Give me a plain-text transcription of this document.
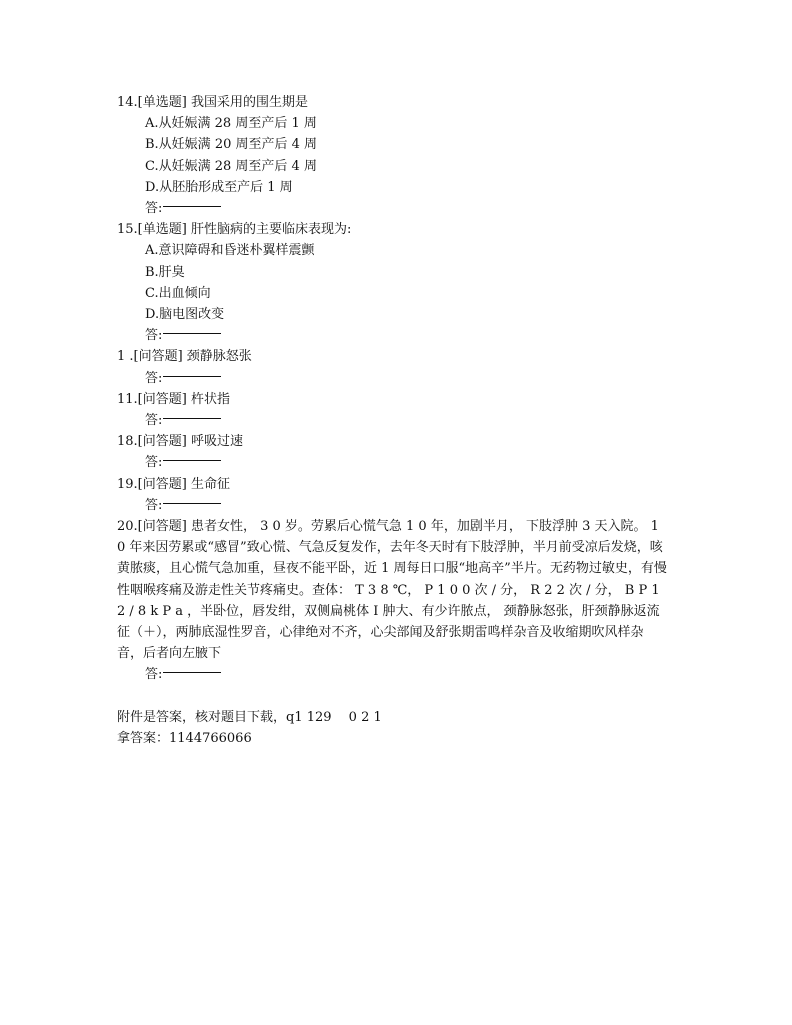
14.[单选题] 我国采用的围生期是
A.从妊娠满 28 周至产后 1 周
B.从妊娠满 20 周至产后 4 周
C.从妊娠满 28 周至产后 4 周
D.从胚胎形成至产后 1 周
答:
15.[单选题] 肝性脑病的主要临床表现为:
A.意识障碍和昏迷朴翼样震颤
B.肝臭
C.出血倾向
D.脑电图改变
答:
1 .[问答题] 颈静脉怒张
答:
11.[问答题] 杵状指
答:
18.[问答题] 呼吸过速
答:
19.[问答题] 生命征
答:
20.[问答题] 患者女性， 3 0 岁。劳累后心慌气急 1 0 年，加剧半月， 下肢浮肿 3 天入院。 1 0 年来因劳累或“感冒”致心慌、气急反复发作，去年冬天时有下肢浮肿，半月前受凉后发烧，咳黄脓痰，且心慌气急加重，昼夜不能平卧，近 1 周每日口服“地高辛”半片。无药物过敏史，有慢性咽喉疼痛及游走性关节疼痛史。查体： T 3 8 ℃， P 1 0 0 次 / 分， R 2 2 次 / 分， B P 1 2 / 8 k P a ，半卧位，唇发绀，双侧扁桃体 I 肿大、有少许脓点， 颈静脉怒张，肝颈静脉返流征（＋），两肺底湿性罗音，心律绝对不齐，心尖部闻及舒张期雷鸣样杂音及收缩期吹风样杂音，后者向左腋下
答:
附件是答案，核对题目下载，q1 129　 0 2 1
拿答案：1144766066
